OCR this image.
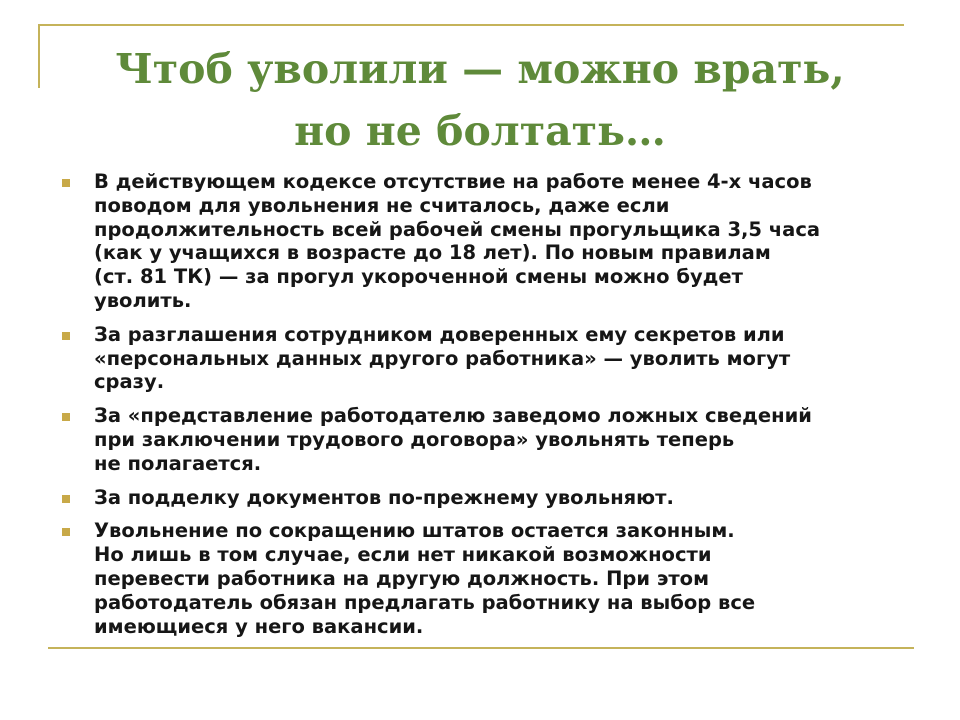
Чтоб уволили — можно врать,
но не болтать…
В действующем кодексе отсутствие на работе менее 4-х часов
поводом для увольнения не считалось, даже если
продолжительность всей рабочей смены прогульщика 3,5 часа
(как у учащихся в возрасте до 18 лет). По новым правилам
(ст. 81 ТК) — за прогул укороченной смены можно будет
уволить.
За разглашения сотрудником доверенных ему секретов или
«персональных данных другого работника» — уволить могут
сразу.
За «представление работодателю заведомо ложных сведений
при заключении трудового договора» увольнять теперь
не полагается.
За подделку документов по-прежнему увольняют.
Увольнение по сокращению штатов остается законным.
Но лишь в том случае, если нет никакой возможности
перевести работника на другую должность. При этом
работодатель обязан предлагать работнику на выбор все
имеющиеся у него вакансии.
